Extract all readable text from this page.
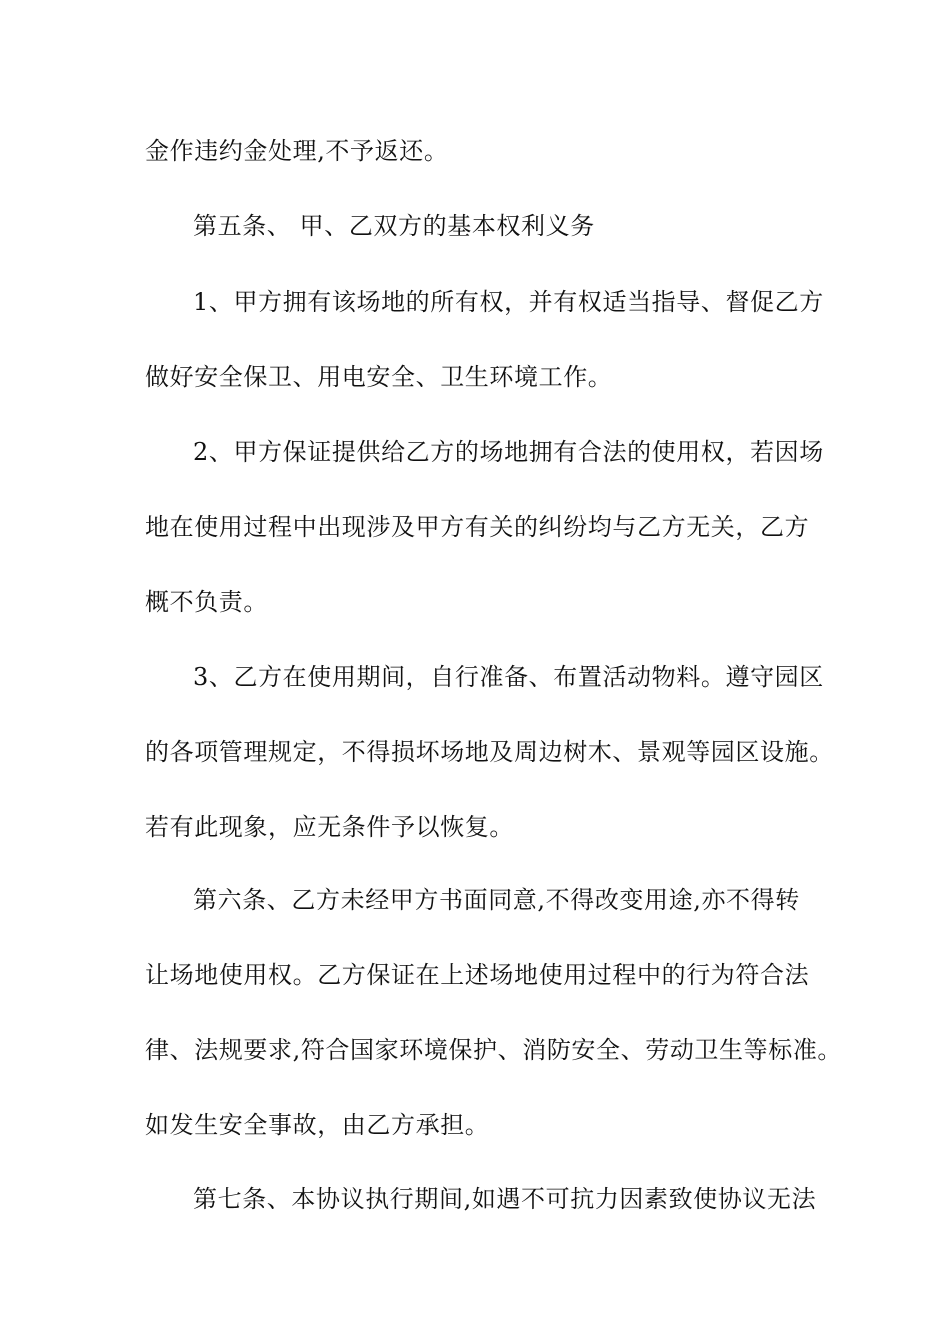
金作违约金处理,不予返还。
第五条、 甲、乙双方的基本权利义务
1、甲方拥有该场地的所有权，并有权适当指导、督促乙方
做好安全保卫、用电安全、卫生环境工作。
2、甲方保证提供给乙方的场地拥有合法的使用权，若因场
地在使用过程中出现涉及甲方有关的纠纷均与乙方无关，乙方
概不负责。
3、乙方在使用期间，自行准备、布置活动物料。遵守园区
的各项管理规定，不得损坏场地及周边树木、景观等园区设施。
若有此现象，应无条件予以恢复。
第六条、乙方未经甲方书面同意,不得改变用途,亦不得转
让场地使用权。乙方保证在上述场地使用过程中的行为符合法
律、法规要求,符合国家环境保护、消防安全、劳动卫生等标准。
如发生安全事故，由乙方承担。
第七条、本协议执行期间,如遇不可抗力因素致使协议无法
